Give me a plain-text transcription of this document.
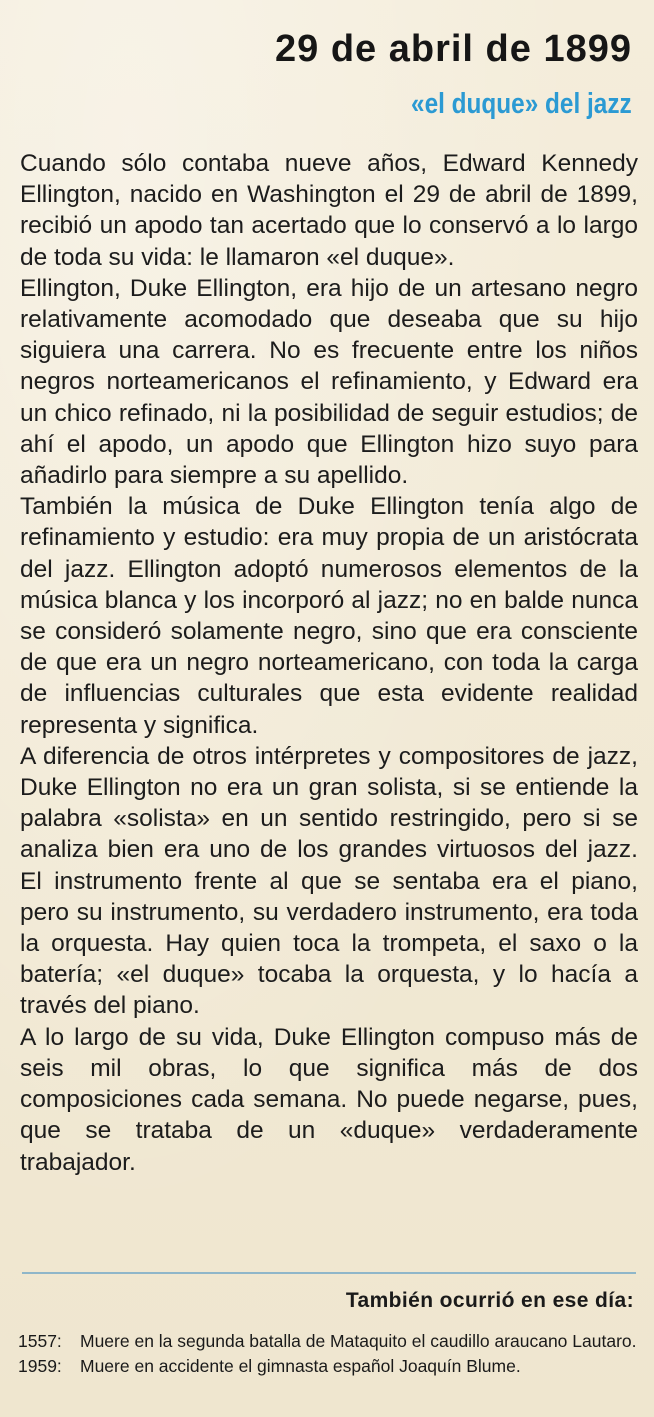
29 de abril de 1899
«el duque» del jazz

Cuando sólo contaba nueve años, Edward Kennedy Ellington, nacido en Washington el 29 de abril de 1899, recibió un apodo tan acertado que lo conservó a lo largo de toda su vida: le llamaron «el duque».

Ellington, Duke Ellington, era hijo de un artesano negro relativamente acomodado que deseaba que su hijo siguiera una carrera. No es frecuente entre los niños negros norteamericanos el refinamiento, y Edward era un chico refinado, ni la posibilidad de seguir estudios; de ahí el apodo, un apodo que Ellington hizo suyo para añadirlo para siempre a su apellido.

También la música de Duke Ellington tenía algo de refinamiento y estudio: era muy propia de un aristócrata del jazz. Ellington adoptó numerosos elementos de la música blanca y los incorporó al jazz; no en balde nunca se consideró solamente negro, sino que era consciente de que era un negro norteamericano, con toda la carga de influencias culturales que esta evidente realidad representa y significa.

A diferencia de otros intérpretes y compositores de jazz, Duke Ellington no era un gran solista, si se entiende la palabra «solista» en un sentido restringido, pero si se analiza bien era uno de los grandes virtuosos del jazz. El instrumento frente al que se sentaba era el piano, pero su instrumento, su verdadero instrumento, era toda la orquesta. Hay quien toca la trompeta, el saxo o la batería; «el duque» tocaba la orquesta, y lo hacía a través del piano.

A lo largo de su vida, Duke Ellington compuso más de seis mil obras, lo que significa más de dos composiciones cada semana. No puede negarse, pues, que se trataba de un «duque» verdaderamente trabajador.

También ocurrió en ese día:
1557:	Muere en la segunda batalla de Mataquito el caudillo araucano Lautaro.
1959:	Muere en accidente el gimnasta español Joaquín Blume.
